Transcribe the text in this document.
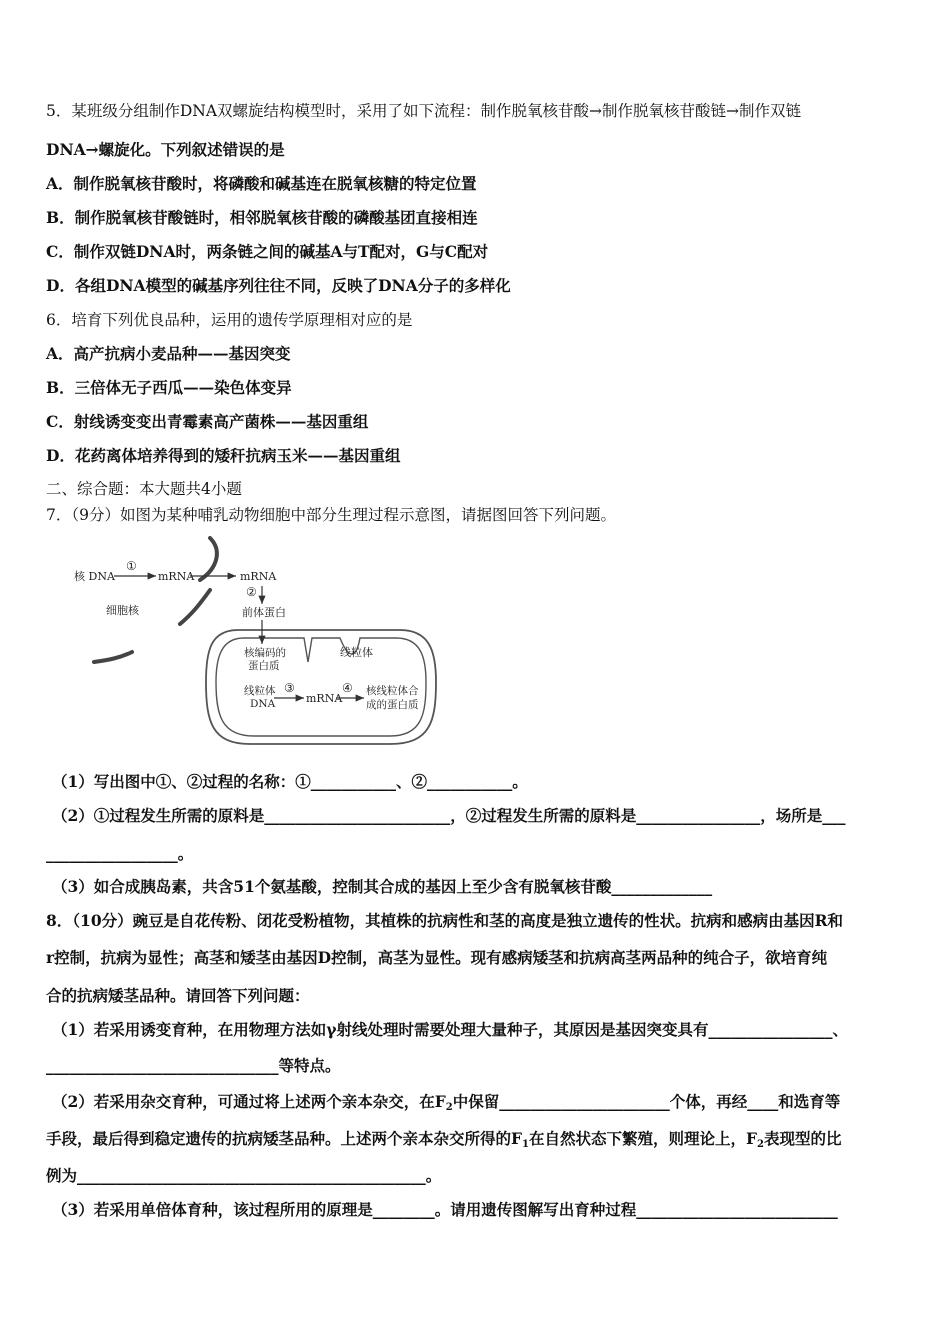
5．某班级分组制作DNA双螺旋结构模型时，采用了如下流程：制作脱氧核苷酸→制作脱氧核苷酸链→制作双链
DNA→螺旋化。下列叙述错误的是
A．制作脱氧核苷酸时，将磷酸和碱基连在脱氧核糖的特定位置
B．制作脱氧核苷酸链时，相邻脱氧核苷酸的磷酸基团直接相连
C．制作双链DNA时，两条链之间的碱基A与T配对，G与C配对
D．各组DNA模型的碱基序列往往不同，反映了DNA分子的多样化
6．培育下列优良品种，运用的遗传学原理相对应的是
A．高产抗病小麦品种——基因突变
B．三倍体无子西瓜——染色体变异
C．射线诱变变出青霉素高产菌株——基因重组
D．花药离体培养得到的矮秆抗病玉米——基因重组
二、综合题：本大题共4小题
7．（9分）如图为某种哺乳动物细胞中部分生理过程示意图，请据图回答下列问题。
核 DNA
①
mRNA	mRNA
②
前体蛋白
细胞核
核编码的
蛋白质
线粒体
线粒体
DNA
③
mRNA
④ 核线粒体合
成的蛋白质
（1）写出图中①、②过程的名称：①___________、②___________。
（2）①过程发生所需的原料是________________________，②过程发生所需的原料是________________，场所是___
_________________。
（3）如合成胰岛素，共含51个氨基酸，控制其合成的基因上至少含有脱氧核苷酸_____________
8．（10分）豌豆是自花传粉、闭花受粉植物，其植株的抗病性和茎的高度是独立遗传的性状。抗病和感病由基因R和
r控制，抗病为显性；高茎和矮茎由基因D控制，高茎为显性。现有感病矮茎和抗病高茎两品种的纯合子，欲培育纯
合的抗病矮茎品种。请回答下列问题：
（1）若采用诱变育种，在用物理方法如γ射线处理时需要处理大量种子，其原因是基因突变具有________________、
______________________________等特点。
（2）若采用杂交育种，可通过将上述两个亲本杂交，在$F_2$中保留______________________个体，再经____和选育等
手段，最后得到稳定遗传的抗病矮茎品种。上述两个亲本杂交所得的$F_1$在自然状态下繁殖，则理论上，$F_2$表现型的比
例为_____________________________________________。
（3）若采用单倍体育种，该过程所用的原理是________。请用遗传图解写出育种过程__________________________
